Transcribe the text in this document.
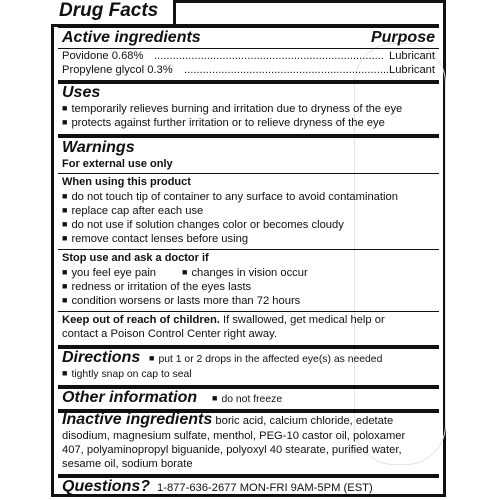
Drug Facts
Active ingredients	Purpose
Povidone 0.68% .......................................................................... Lubricant
Propylene glycol 0.3% .................................................................. Lubricant
Uses
■ temporarily relieves burning and irritation due to dryness of the eye
■ protects against further irritation or to relieve dryness of the eye
Warnings
For external use only
When using this product
■ do not touch tip of container to any surface to avoid contamination
■ replace cap after each use
■ do not use if solution changes color or becomes cloudy
■ remove contact lenses before using
Stop use and ask a doctor if
■ you feel eye pain	■ changes in vision occur
■ redness or irritation of the eyes lasts
■ condition worsens or lasts more than 72 hours
Keep out of reach of children. If swallowed, get medical help or
contact a Poison Control Center right away.
Directions	■ put 1 or 2 drops in the affected eye(s) as needed
■ tightly snap on cap to seal
Other information	■ do not freeze
Inactive ingredients boric acid, calcium chloride, edetate
disodium, magnesium sulfate, menthol, PEG-10 castor oil, poloxamer
407, polyaminopropyl biguanide, polyoxyl 40 stearate, purified water,
sesame oil, sodium borate
Questions? 1-877-636-2677 MON-FRI 9AM-5PM (EST)
